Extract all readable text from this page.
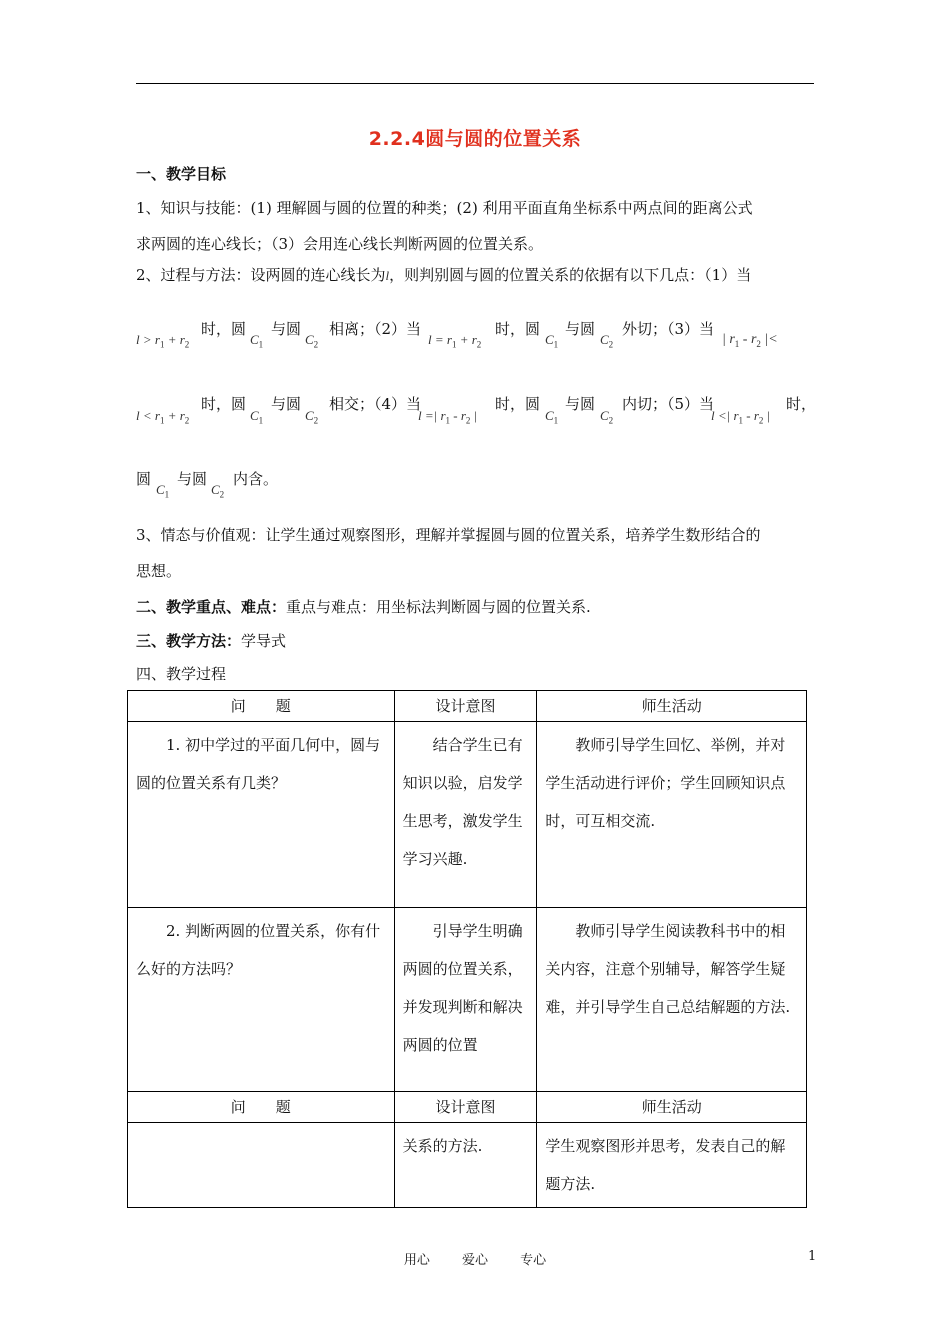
2.2.4圆与圆的位置关系
一、教学目标
1、知识与技能：(1) 理解圆与圆的位置的种类；(2) 利用平面直角坐标系中两点间的距离公式
求两圆的连心线长；（3）会用连心线长判断两圆的位置关系。
2、过程与方法：设两圆的连心线长为l，则判别圆与圆的位置关系的依据有以下几点：（1）当
$l > r_1 + r_2$
时，圆
$C_1$
与圆
$C_2$
相离；（2）当
$l = r_1 + r_2$
时，圆
$C_1$
与圆
$C_2$
外切；（3）当
| $r_1 - r_2$ |<
$l < r_1 + r_2$
时，圆
$C_1$
与圆
$C_2$
相交；（4）当
l =| $r_1 - r_2$ |
时，圆
$C_1$
与圆
$C_2$
内切；（5）当
l <| $r_1 - r_2$ |
时，
圆
$C_1$
与圆
$C_2$
内含。
3、情态与价值观：让学生通过观察图形，理解并掌握圆与圆的位置关系，培养学生数形结合的
思想。
二、教学重点、难点：重点与难点：用坐标法判断圆与圆的位置关系.
三、教学方法：学导式
四、教学过程
问　　题	设计意图	师生活动
1. 初中学过的平面几何中，圆与圆的位置关系有几类？	结合学生已有知识以验，启发学生思考，激发学生学习兴趣.	教师引导学生回忆、举例，并对学生活动进行评价；学生回顾知识点时，可互相交流.
2. 判断两圆的位置关系，你有什么好的方法吗？	引导学生明确两圆的位置关系，并发现判断和解决两圆的位置	教师引导学生阅读教科书中的相关内容，注意个别辅导，解答学生疑难，并引导学生自己总结解题的方法.
问　　题	设计意图	师生活动
	关系的方法.	学生观察图形并思考，发表自己的解题方法.
用心 爱心 专心	1
